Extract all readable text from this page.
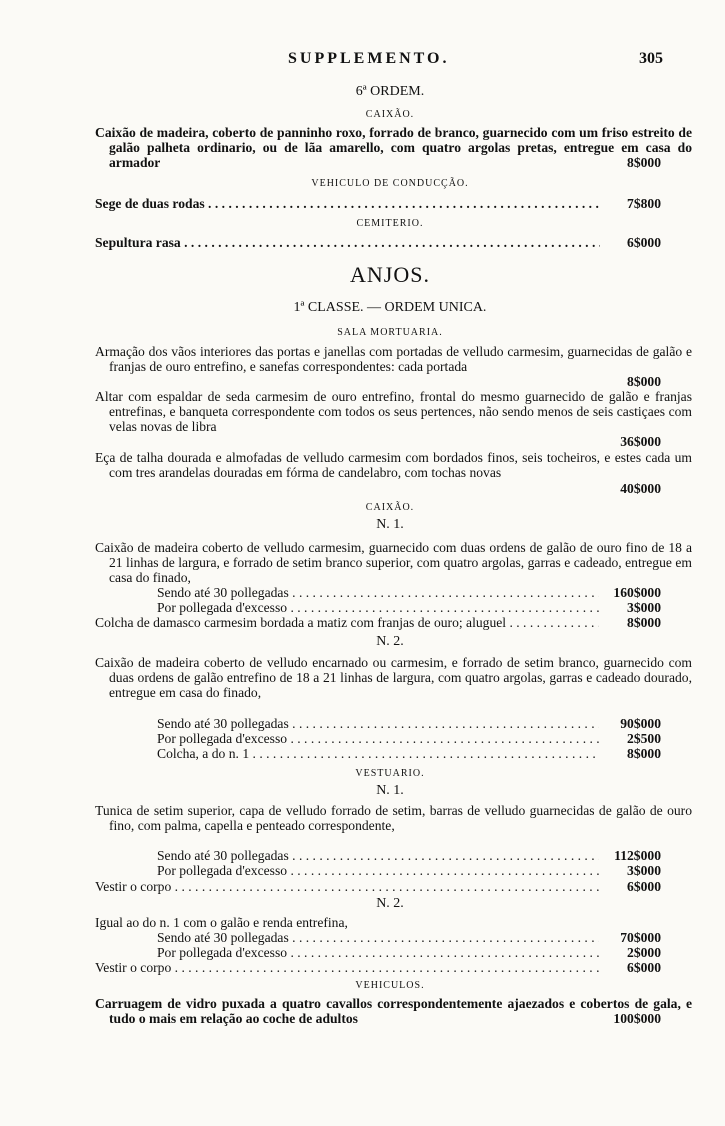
SUPPLEMENTO.	305
6ª ORDEM.
CAIXÃO.
Caixão de madeira, coberto de panninho roxo, forrado de branco, guarnecido com um friso estreito de galão palheta ordinario, ou de lãa amarello, com quatro argolas pretas, entregue em casa do armador	8$000
VEHICULO DE CONDUCÇÃO.
Sege de duas rodas . . .	7$800
CEMITERIO.
Sepultura rasa . . .	6$000
ANJOS.
1ª CLASSE. — ORDEM UNICA.
SALA MORTUARIA.
Armação dos vãos interiores das portas e janellas com portadas de velludo carmesim, guarnecidas de galão e franjas de ouro entrefino, e sanefas correspondentes: cada portada
8$000
Altar com espaldar de seda carmesim de ouro entrefino, frontal do mesmo guarnecido de galão e franjas entrefinas, e banqueta correspondente com todos os seus pertences, não sendo menos de seis castiçaes com velas novas de libra
36$000
Eça de talha dourada e almofadas de velludo carmesim com bordados finos, seis tocheiros, e estes cada um com tres arandelas douradas em fórma de candelabro, com tochas novas
40$000
CAIXÃO.
N. 1.
Caixão de madeira coberto de velludo carmesim, guarnecido com duas ordens de galão de ouro fino de 18 a 21 linhas de largura, e forrado de setim branco superior, com quatro argolas, garras e cadeado, entregue em casa do finado,
Sendo até 30 pollegadas . . .	160$000
Por pollegada d'excesso . . .	3$000
Colcha de damasco carmesim bordada a matiz com franjas de ouro; aluguel . . .	8$000
N. 2.
Caixão de madeira coberto de velludo encarnado ou carmesim, e forrado de setim branco, guarnecido com duas ordens de galão entrefino de 18 a 21 linhas de largura, com quatro argolas, garras e cadeado dourado, entregue em casa do finado,
Sendo até 30 pollegadas . . .	90$000
Por pollegada d'excesso . . .	2$500
Colcha, a do n. 1 . . .	8$000
VESTUARIO.
N. 1.
Tunica de setim superior, capa de velludo forrado de setim, barras de velludo guarnecidas de galão de ouro fino, com palma, capella e penteado correspondente,
Sendo até 30 pollegadas . . .	112$000
Por pollegada d'excesso . . .	3$000
Vestir o corpo . . .	6$000
N. 2.
Igual ao do n. 1 com o galão e renda entrefina,
Sendo até 30 pollegadas . . .	70$000
Por pollegada d'excesso . . .	2$000
Vestir o corpo . . .	6$000
VEHICULOS.
Carruagem de vidro puxada a quatro cavallos correspondentemente ajaezados e cobertos de gala, e tudo o mais em relação ao coche de adultos	100$000
